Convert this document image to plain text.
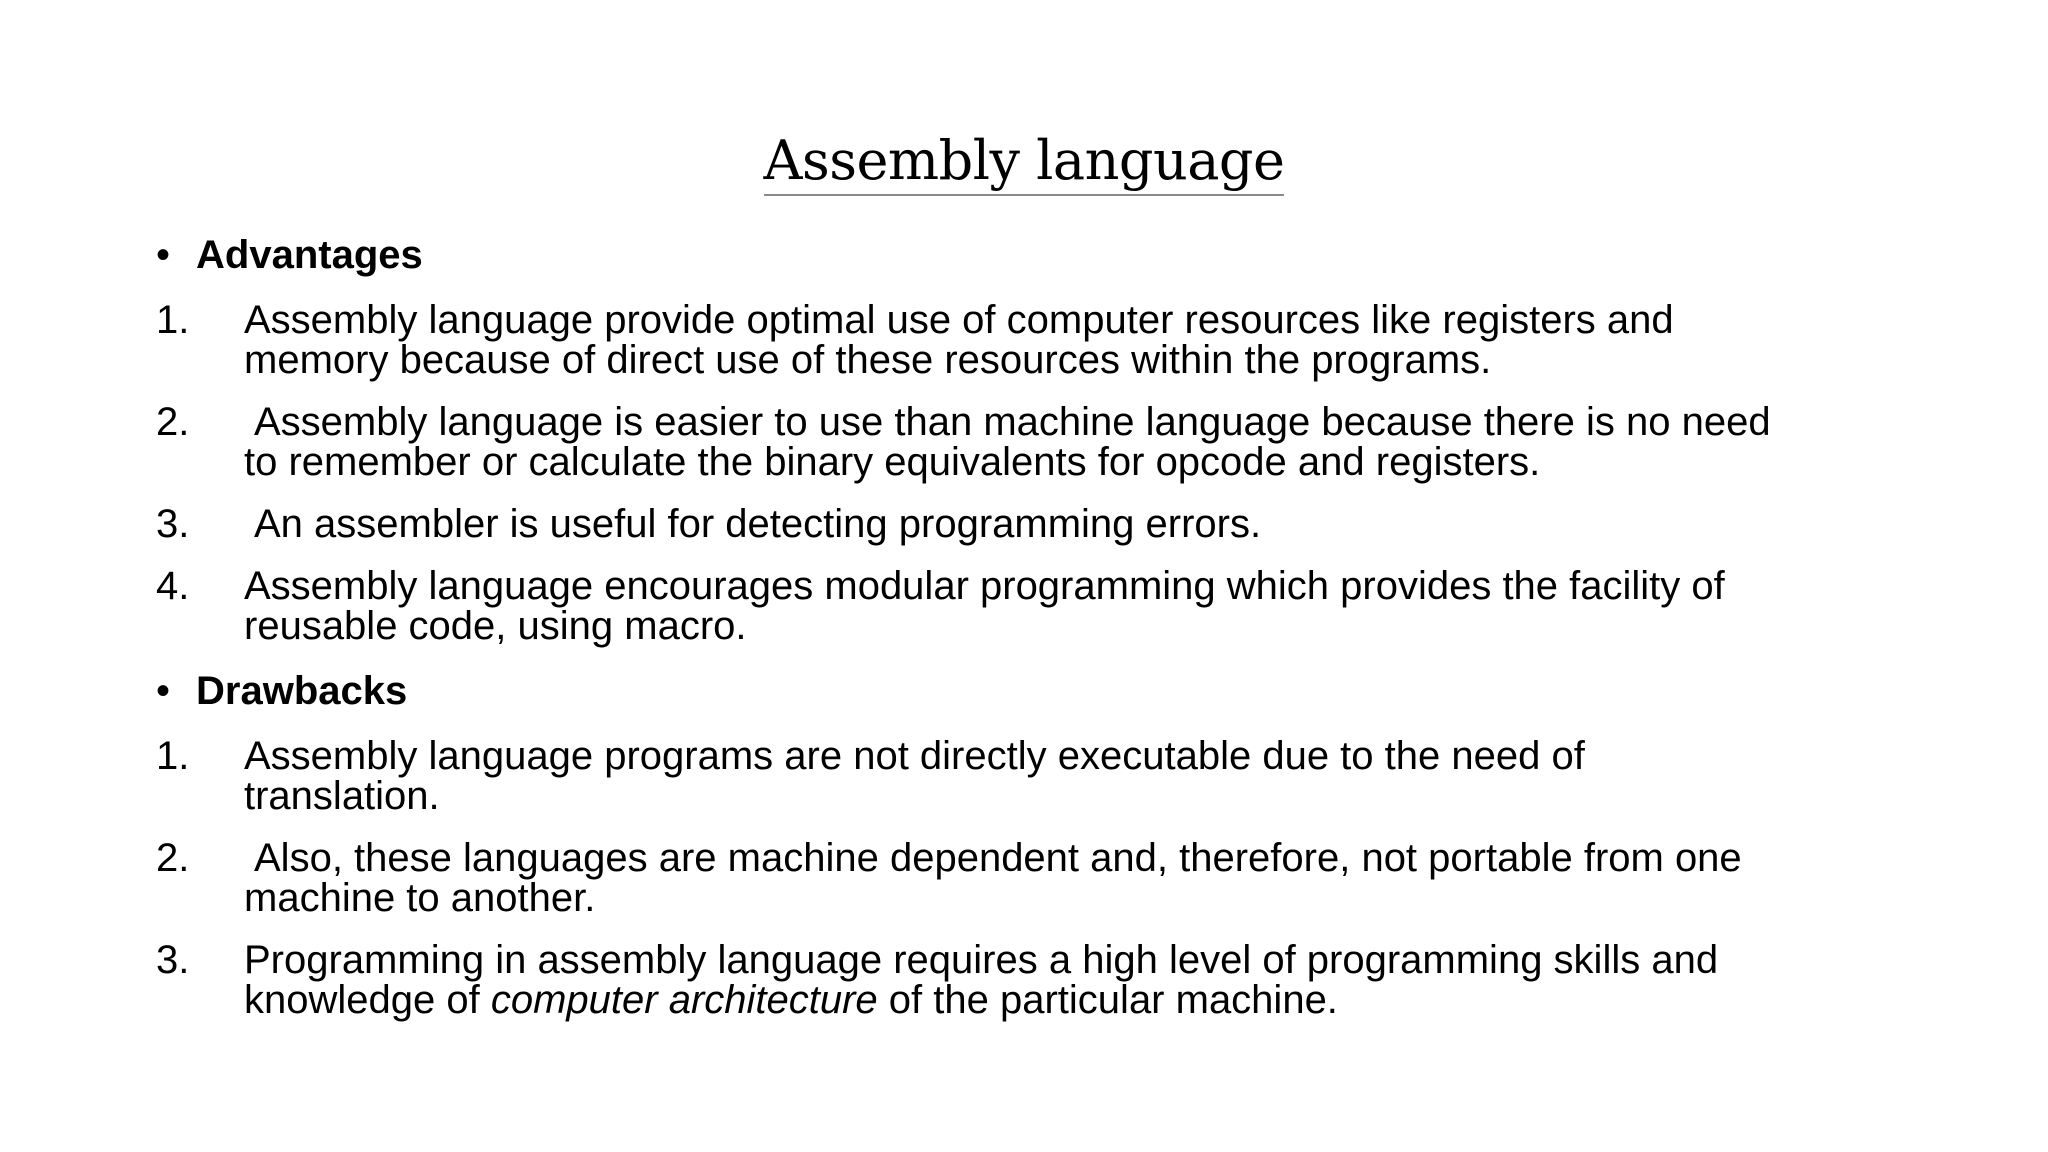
Assembly language
• Advantages
1. Assembly language provide optimal use of computer resources like registers and
memory because of direct use of these resources within the programs.
2. Assembly language is easier to use than machine language because there is no need
to remember or calculate the binary equivalents for opcode and registers.
3. An assembler is useful for detecting programming errors.
4. Assembly language encourages modular programming which provides the facility of
reusable code, using macro.
• Drawbacks
1. Assembly language programs are not directly executable due to the need of
translation.
2. Also, these languages are machine dependent and, therefore, not portable from one
machine to another.
3. Programming in assembly language requires a high level of programming skills and
knowledge of computer architecture of the particular machine.
